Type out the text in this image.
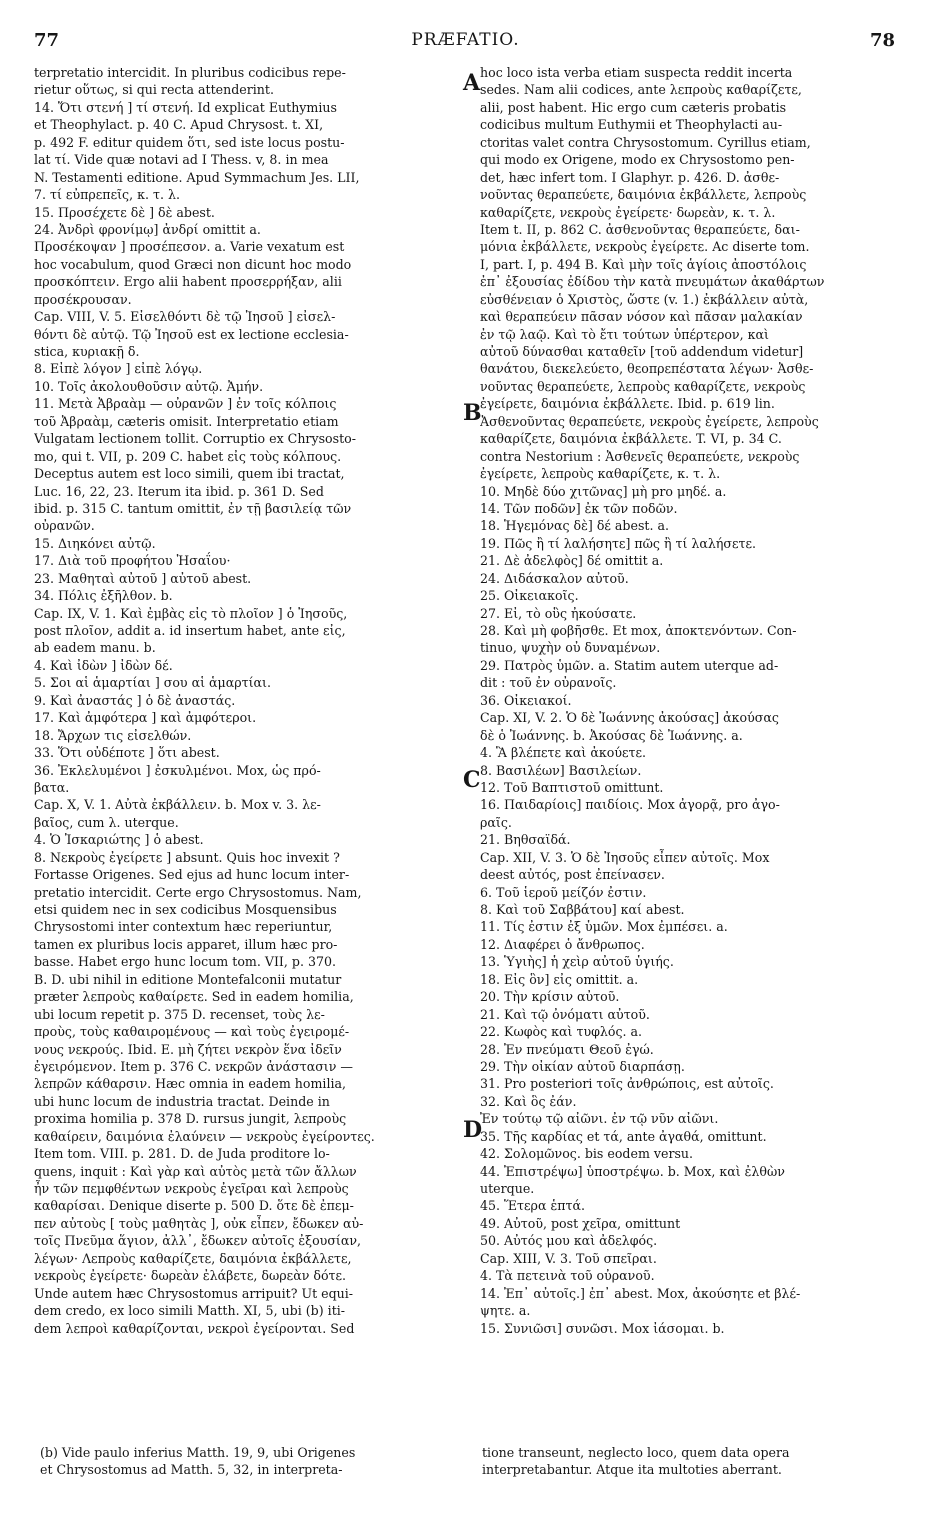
77	PRÆFATIO.	78
terpretatio intercidit. In pluribus codicibus repe-
rietur οὕτως, si qui recta attenderint.
14. Ὅτι στενή ] τί στενή. Id explicat Euthymius
et Theophylact. p. 40 C. Apud Chrysost. t. XI,
p. 492 F. editur quidem ὅτι, sed iste locus postu-
lat τί. Vide quæ notavi ad I Thess. v, 8. in mea
N. Testamenti editione. Apud Symmachum Jes. LII,
7. τί εὐπρεπεῖς, κ. τ. λ.
15. Προσέχετε δὲ ] δὲ abest.
24. Ἀνδρὶ φρονίμῳ] ἀνδρί omittit a.
Προσέκοψαν ] προσέπεσον. a. Varie vexatum est
hoc vocabulum, quod Græci non dicunt hoc modo
προσκόπτειν. Ergo alii habent προσερρήξαν, alii
προσέκρουσαν.
Cap. VIII, V. 5. Εἰσελθόντι δὲ τῷ Ἰησοῦ ] εἰσελ-
θόντι δὲ αὐτῷ. Τῷ Ἰησοῦ est ex lectione ecclesia-
stica, κυριακῇ δ.
8. Εἰπὲ λόγον ] εἰπὲ λόγῳ.
10. Τοῖς ἀκολουθοῦσιν αὐτῷ. Ἀμήν.
11. Μετὰ Ἀβραὰμ — οὐρανῶν ] ἐν τοῖς κόλποις
τοῦ Ἀβραὰμ, cæteris omisit. Interpretatio etiam
Vulgatam lectionem tollit. Corruptio ex Chrysosto-
mo, qui t. VII, p. 209 C. habet εἰς τοὺς κόλπους.
Deceptus autem est loco simili, quem ibi tractat,
Luc. 16, 22, 23. Iterum ita ibid. p. 361 D. Sed
ibid. p. 315 C. tantum omittit, ἐν τῇ βασιλείᾳ τῶν
οὐρανῶν.
15. Διηκόνει αὐτῷ.
17. Διὰ τοῦ προφήτου Ἠσαΐου·
23. Μαθηταὶ αὐτοῦ ] αὐτοῦ abest.
34. Πόλις ἐξῆλθον. b.
Cap. IX, V. 1. Καὶ ἐμβὰς εἰς τὸ πλοῖον ] ὁ Ἰησοῦς,
post πλοῖον, addit a. id insertum habet, ante εἰς,
ab eadem manu. b.
4. Καὶ ἰδὼν ] ἰδὼν δέ.
5. Σοι αἱ ἁμαρτίαι ] σου αἱ ἁμαρτίαι.
9. Καὶ ἀναστάς ] ὁ δὲ ἀναστάς.
17. Καὶ ἀμφότερα ] καὶ ἀμφότεροι.
18. Ἄρχων τις εἰσελθών.
33. Ὅτι οὐδέποτε ] ὅτι abest.
36. Ἐκλελυμένοι ] ἐσκυλμένοι. Mox, ὡς πρό-
βατα.
Cap. X, V. 1. Αὐτὰ ἐκβάλλειν. b. Mox v. 3. λε-
βαῖος, cum λ. uterque.
4. Ὁ Ἰσκαριώτης ] ὁ abest.
8. Νεκροὺς ἐγείρετε ] absunt. Quis hoc invexit ?
Fortasse Origenes. Sed ejus ad hunc locum inter-
pretatio intercidit. Certe ergo Chrysostomus. Nam,
etsi quidem nec in sex codicibus Mosquensibus
Chrysostomi inter contextum hæc reperiuntur,
tamen ex pluribus locis apparet, illum hæc pro-
basse. Habet ergo hunc locum tom. VII, p. 370.
B. D. ubi nihil in editione Montefalconii mutatur
præter λεπροὺς καθαίρετε. Sed in eadem homilia,
ubi locum repetit p. 375 D. recenset, τοὺς λε-
προὺς, τοὺς καθαιρομένους — καὶ τοὺς ἐγειρομέ-
νους νεκρούς. Ibid. E. μὴ ζήτει νεκρὸν ἕνα ἰδεῖν
ἐγειρόμενον. Item p. 376 C. νεκρῶν ἀνάστασιν —
λεπρῶν κάθαρσιν. Hæc omnia in eadem homilia,
ubi hunc locum de industria tractat. Deinde in
proxima homilia p. 378 D. rursus jungit, λεπροὺς
καθαίρειν, δαιμόνια ἐλαύνειν — νεκροὺς ἐγείροντες.
Item tom. VIII. p. 281. D. de Juda proditore lo-
quens, inquit : Καὶ γὰρ καὶ αὐτὸς μετὰ τῶν ἄλλων
ἦν τῶν πεμφθέντων νεκροὺς ἐγεῖραι καὶ λεπροὺς
καθαρίσαι. Denique diserte p. 500 D. ὅτε δὲ ἐπεμ-
πεν αὐτοὺς [ τοὺς μαθητὰς ], οὐκ εἶπεν, ἔδωκεν αὐ-
τοῖς Πνεῦμα ἅγιον, ἀλλ᾽, ἔδωκεν αὐτοῖς ἐξουσίαν,
λέγων· Λεπροὺς καθαρίζετε, δαιμόνια ἐκβάλλετε,
νεκροὺς ἐγείρετε· δωρεὰν ἐλάβετε, δωρεὰν δότε.
Unde autem hæc Chrysostomus arripuit? Ut equi-
dem credo, ex loco simili Matth. XI, 5, ubi (b) iti-
dem λεπροὶ καθαρίζονται, νεκροὶ ἐγείρονται. Sed
hoc loco ista verba etiam suspecta reddit incerta
sedes. Nam alii codices, ante λεπροὺς καθαρίζετε,
alii, post habent. Hic ergo cum cæteris probatis
codicibus multum Euthymii et Theophylacti au-
ctoritas valet contra Chrysostomum. Cyrillus etiam,
qui modo ex Origene, modo ex Chrysostomo pen-
det, hæc infert tom. I Glaphyr. p. 426. D. ἀσθε-
νοῦντας θεραπεύετε, δαιμόνια ἐκβάλλετε, λεπροὺς
καθαρίζετε, νεκροὺς ἐγείρετε· δωρεὰν, κ. τ. λ.
Item t. II, p. 862 C. ἀσθενοῦντας θεραπεύετε, δαι-
μόνια ἐκβάλλετε, νεκροὺς ἐγείρετε. Ac diserte tom.
I, part. I, p. 494 B. Καὶ μὴν τοῖς ἁγίοις ἀποστόλοις
ἐπ᾽ ἐξουσίας ἐδίδου τὴν κατὰ πνευμάτων ἀκαθάρτων
εὐσθένειαν ὁ Χριστὸς, ὥστε (v. 1.) ἐκβάλλειν αὐτὰ,
καὶ θεραπεύειν πᾶσαν νόσον καὶ πᾶσαν μαλακίαν
ἐν τῷ λαῷ. Καὶ τὸ ἔτι τούτων ὑπέρτερον, καὶ
αὐτοῦ δύνασθαι καταθεῖν [τοῦ addendum videtur]
θανάτου, διεκελεύετο, θεοπρεπέστατα λέγων· Ἀσθε-
νοῦντας θεραπεύετε, λεπροὺς καθαρίζετε, νεκροὺς
ἐγείρετε, δαιμόνια ἐκβάλλετε. Ibid. p. 619 lin.
Ἀσθενοῦντας θεραπεύετε, νεκροὺς ἐγείρετε, λεπροὺς
καθαρίζετε, δαιμόνια ἐκβάλλετε. T. VI, p. 34 C.
contra Nestorium : Ἀσθενεῖς θεραπεύετε, νεκροὺς
ἐγείρετε, λεπροὺς καθαρίζετε, κ. τ. λ.
10. Μηδὲ δύο χιτῶνας] μὴ pro μηδέ. a.
14. Τῶν ποδῶν] ἐκ τῶν ποδῶν.
18. Ἡγεμόνας δὲ] δέ abest. a.
19. Πῶς ἢ τί λαλήσητε] πῶς ἢ τί λαλήσετε.
21. Δὲ ἀδελφὸς] δέ omittit a.
24. Διδάσκαλον αὐτοῦ.
25. Οἰκειακοῖς.
27. Εἰ, τὸ οὓς ἠκούσατε.
28. Καὶ μὴ φοβῆσθε. Et mox, ἀποκτενόντων. Con-
tinuo, ψυχὴν οὐ δυναμένων.
29. Πατρὸς ὑμῶν. a. Statim autem uterque ad-
dit : τοῦ ἐν οὐρανοῖς.
36. Οἰκειακοί.
Cap. XI, V. 2. Ὁ δὲ Ἰωάννης ἀκούσας] ἀκούσας
δὲ ὁ Ἰωάννης. b. Ἀκούσας δὲ Ἰωάννης. a.
4. Ἃ βλέπετε καὶ ἀκούετε.
8. Βασιλέων] Βασιλείων.
12. Τοῦ Βαπτιστοῦ omittunt.
16. Παιδαρίοις] παιδίοις. Mox ἀγορᾷ, pro ἀγο-
ραῖς.
21. Βηθσαϊδά.
Cap. XII, V. 3. Ὁ δὲ Ἰησοῦς εἶπεν αὐτοῖς. Mox
deest αὐτός, post ἐπείνασεν.
6. Τοῦ ἱεροῦ μείζόν ἐστιν.
8. Καὶ τοῦ Σαββάτου] καί abest.
11. Τίς ἐστιν ἐξ ὑμῶν. Mox ἐμπέσει. a.
12. Διαφέρει ὁ ἄνθρωπος.
13. Ὑγιὴς] ἡ χεὶρ αὐτοῦ ὑγιής.
18. Εἰς ὃν] εἰς omittit. a.
20. Τὴν κρίσιν αὐτοῦ.
21. Καὶ τῷ ὀνόματι αὐτοῦ.
22. Κωφὸς καὶ τυφλός. a.
28. Ἐν πνεύματι Θεοῦ ἐγώ.
29. Τὴν οἰκίαν αὐτοῦ διαρπάσῃ.
31. Pro posteriori τοῖς ἀνθρώποις, est αὐτοῖς.
32. Καὶ ὃς ἐάν.
Ἐν τούτῳ τῷ αἰῶνι. ἐν τῷ νῦν αἰῶνι.
35. Τῆς καρδίας et τά, ante ἀγαθά, omittunt.
42. Σολομῶνος. bis eodem versu.
44. Ἐπιστρέψω] ὑποστρέψω. b. Mox, καὶ ἐλθὼν
uterque.
45. Ἕτερα ἑπτά.
49. Αὐτοῦ, post χεῖρα, omittunt
50. Αὐτός μου καὶ ἀδελφός.
Cap. XIII, V. 3. Τοῦ σπεῖραι.
4. Τὰ πετεινὰ τοῦ οὐρανοῦ.
14. Ἐπ᾽ αὐτοῖς.] ἐπ᾽ abest. Mox, ἀκούσητε et βλέ-
ψητε. a.
15. Συνιῶσι] συνῶσι. Mox ἰάσομαι. b.
A
B
C
D
(b) Vide paulo inferius Matth. 19, 9, ubi Origenes
et Chrysostomus ad Matth. 5, 32, in interpreta-
tione transeunt, neglecto loco, quem data opera
interpretabantur. Atque ita multoties aberrant.
